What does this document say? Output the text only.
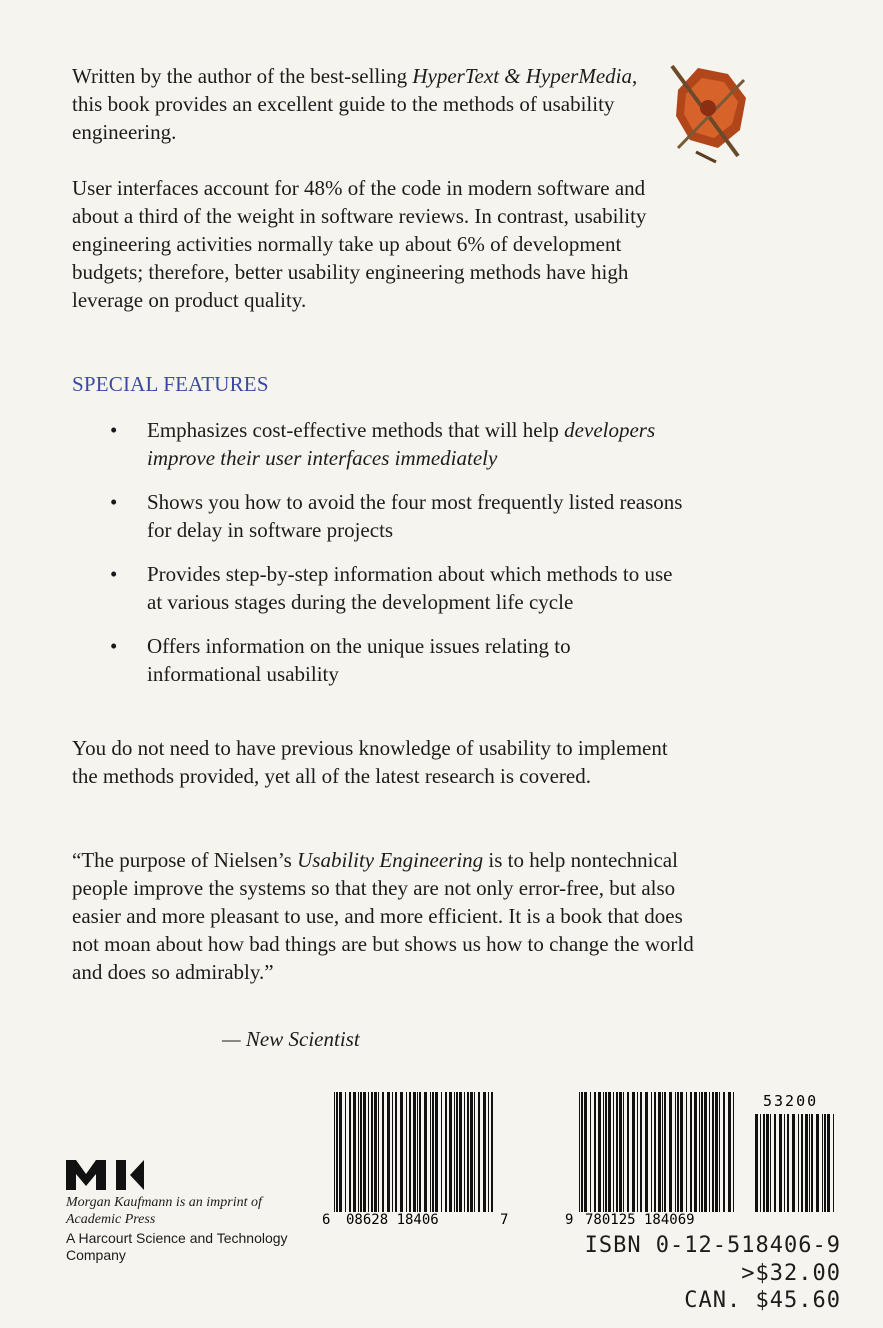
Written by the author of the best-selling HyperText & HyperMedia, this book provides an excellent guide to the methods of usability engineering.
User interfaces account for 48% of the code in modern software and about a third of the weight in software reviews. In contrast, usability engineering activities normally take up about 6% of development budgets; therefore, better usability engineering methods have high leverage on product quality.
SPECIAL FEATURES
• Emphasizes cost-effective methods that will help developers improve their user interfaces immediately
• Shows you how to avoid the four most frequently listed reasons for delay in software projects
• Provides step-by-step information about which methods to use at various stages during the development life cycle
• Offers information on the unique issues relating to informational usability
You do not need to have previous knowledge of usability to implement the methods provided, yet all of the latest research is covered.
“The purpose of Nielsen’s Usability Engineering is to help nontechnical people improve the systems so that they are not only error-free, but also easier and more pleasant to use, and more efficient. It is a book that does not moan about how bad things are but shows us how to change the world and does so admirably.”
— New Scientist
Morgan Kaufmann is an imprint of Academic Press
A Harcourt Science and Technology Company
6 08628 18406	7	9 780125 184069
53200
ISBN 0-12-518406-9
>$32.00
CAN. $45.60
